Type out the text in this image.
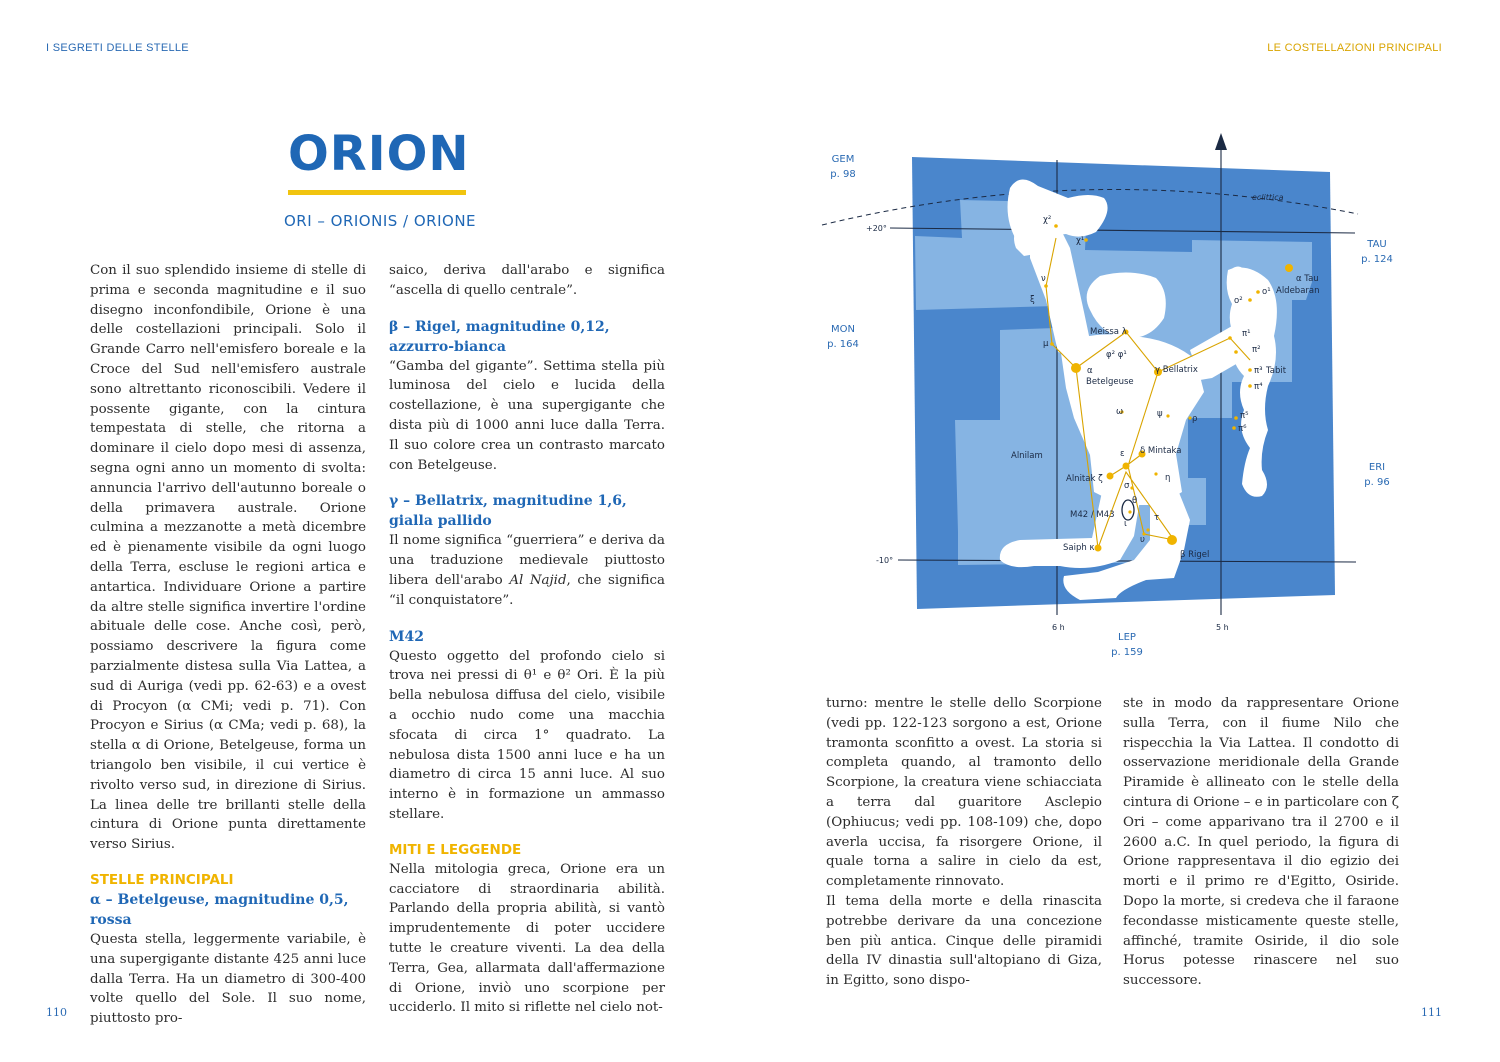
I SEGRETI DELLE STELLE	LE COSTELLAZIONI PRINCIPALI
ORION
ORI – ORIONIS / ORIONE

Con il suo splendido insieme di stelle di prima e seconda magnitudine e il suo disegno inconfondibile, Orione è una delle costellazioni principali. Solo il Grande Carro nell'emisfero boreale e la Croce del Sud nell'emisfero australe sono altrettanto riconoscibili. Vedere il possente gigante, con la cintura tempestata di stelle, che ritorna a dominare il cielo dopo mesi di assenza, segna ogni anno un momento di svolta: annuncia l'arrivo dell'autunno boreale o della primavera australe. Orione culmina a mezzanotte a metà dicembre ed è pienamente visibile da ogni luogo della Terra, escluse le regioni artica e antartica. Individuare Orione a partire da altre stelle significa invertire l'ordine abituale delle cose. Anche così, però, possiamo descrivere la figura come parzialmente distesa sulla Via Lattea, a sud di Auriga (vedi pp. 62-63) e a ovest di Procyon (α CMi; vedi p. 71). Con Procyon e Sirius (α CMa; vedi p. 68), la stella α di Orione, Betelgeuse, forma un triangolo ben visibile, il cui vertice è rivolto verso sud, in direzione di Sirius. La linea delle tre brillanti stelle della cintura di Orione punta direttamente verso Sirius.

STELLE PRINCIPALI
α – Betelgeuse, magnitudine 0,5, rossa

Questa stella, leggermente variabile, è una supergigante distante 425 anni luce dalla Terra. Ha un diametro di 300-400 volte quello del Sole. Il suo nome, piuttosto pro-

saico, deriva dall'arabo e significa “ascella di quello centrale”.

β – Rigel, magnitudine 0,12, azzurro-bianca

“Gamba del gigante”. Settima stella più luminosa del cielo e lucida della costellazione, è una supergigante che dista più di 1000 anni luce dalla Terra. Il suo colore crea un contrasto marcato con Betelgeuse.

γ – Bellatrix, magnitudine 1,6, gialla pallido

Il nome significa “guerriera” e deriva da una traduzione medievale piuttosto libera dell'arabo Al Najid, che significa “il conquistatore”.

M42

Questo oggetto del profondo cielo si trova nei pressi di θ¹ e θ² Ori. È la più bella nebulosa diffusa del cielo, visibile a occhio nudo come una macchia sfocata di circa 1° quadrato. La nebulosa dista 1500 anni luce e ha un diametro di circa 15 anni luce. Al suo interno è in formazione un ammasso stellare.

MITI E LEGGENDE

Nella mitologia greca, Orione era un cacciatore di straordinaria abilità. Parlando della propria abilità, si vantò imprudentemente di poter uccidere tutte le creature viventi. La dea della Terra, Gea, allarmata dall'affermazione di Orione, inviò uno scorpione per ucciderlo. Il mito si riflette nel cielo not-

turno: mentre le stelle dello Scorpione (vedi pp. 122-123 sorgono a est, Orione tramonta sconfitto a ovest. La storia si completa quando, al tramonto dello Scorpione, la creatura viene schiacciata a terra dal guaritore Asclepio (Ophiucus; vedi pp. 108-109) che, dopo averla uccisa, fa risorgere Orione, il quale torna a salire in cielo da est, completamente rinnovato.

Il tema della morte e della rinascita potrebbe derivare da una concezione ben più antica. Cinque delle piramidi della IV dinastia sull'altopiano di Giza, in Egitto, sono dispo-

ste in modo da rappresentare Orione sulla Terra, con il fiume Nilo che rispecchia la Via Lattea. Il condotto di osservazione meridionale della Grande Piramide è allineato con le stelle della cintura di Orione – e in particolare con ζ Ori – come apparivano tra il 2700 e il 2600 a.C. In quel periodo, la figura di Orione rappresentava il dio egizio dei morti e il primo re d'Egitto, Osiride. Dopo la morte, si credeva che il faraone fecondasse misticamente queste stelle, affinché, tramite Osiride, il dio sole Horus potesse rinascere nel suo successore.

GEM
p. 98
TAU
p. 124
MON
p. 164
ERI
p. 96
LEP
p. 159
eclittica
+20°
-10°
6 h	5 h
χ²
χ¹
ν
ξ
μ
Meissa λ
φ² φ¹
α
Betelgeuse
γ Bellatrix
ω	ψ	ρ
Alnilam	ε δ Mintaka
Alnitak ζ
σ
η
θ
ι
M42 / M43	τ
υ
Saiph κ
β Rigel
α Tau
Aldebaran
o¹
o²
π¹
π²
π³ Tabit
π⁴
π⁵
π⁶
110	111
